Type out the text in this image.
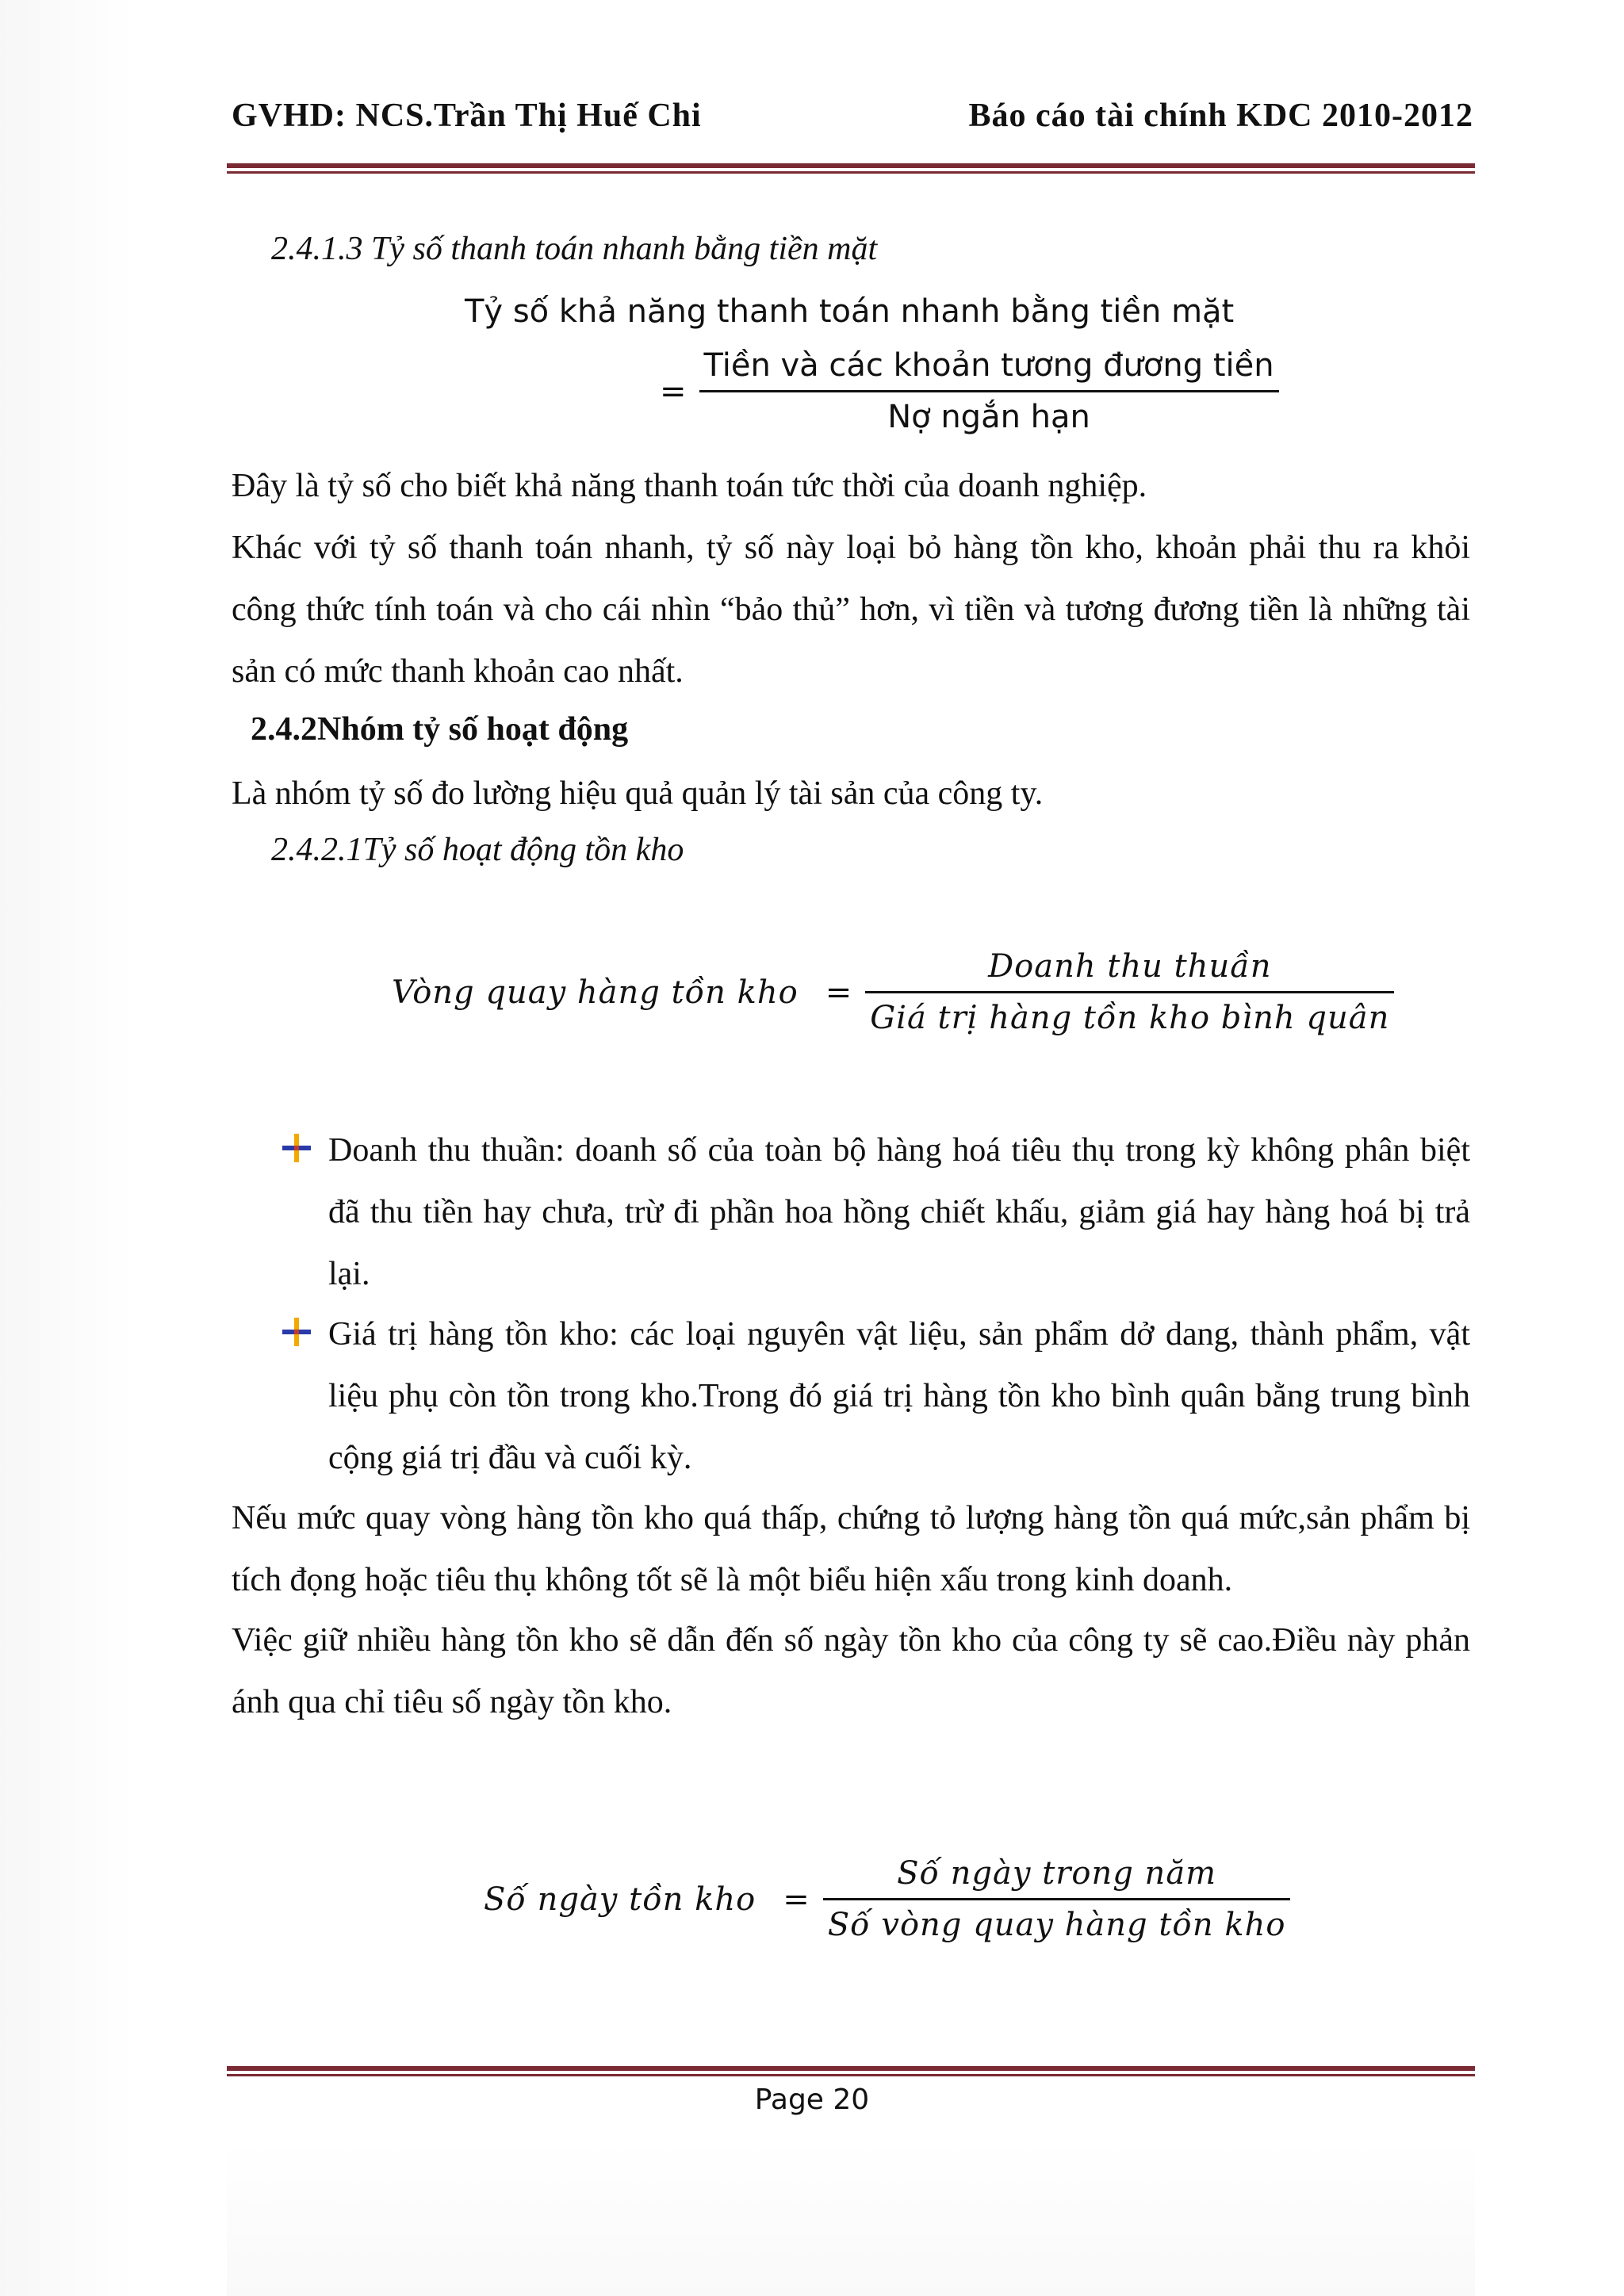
GVHD: NCS.Trần Thị Huế Chi	Báo cáo tài chính KDC 2010-2012
2.4.1.3 Tỷ số thanh toán nhanh bằng tiền mặt
Tỷ số khả năng thanh toán nhanh bằng tiền mặt
= $\frac{\text{Tiền và các khoản tương đương tiền}}{\text{Nợ ngắn hạn}}$

Đây là tỷ số cho biết khả năng thanh toán tức thời của doanh nghiệp.

Khác với tỷ số thanh toán nhanh, tỷ số này loại bỏ hàng tồn kho, khoản phải thu ra khỏi công thức tính toán và cho cái nhìn “bảo thủ” hơn, vì tiền và tương đương tiền là những tài sản có mức thanh khoản cao nhất.

2.4.2Nhóm tỷ số hoạt động

Là nhóm tỷ số đo lường hiệu quả quản lý tài sản của công ty.

2.4.2.1Tỷ số hoạt động tồn kho
Vòng quay hàng tồn kho = $\frac{\text{Doanh thu thuần}}{\text{Giá trị hàng tồn kho bình quân}}$

Doanh thu thuần: doanh số của toàn bộ hàng hoá tiêu thụ trong kỳ không phân biệt đã thu tiền hay chưa, trừ đi phần hoa hồng chiết khấu, giảm giá hay hàng hoá bị trả lại.

Giá trị hàng tồn kho: các loại nguyên vật liệu, sản phẩm dở dang, thành phẩm, vật liệu phụ còn tồn trong kho.Trong đó giá trị hàng tồn kho bình quân bằng trung bình cộng giá trị đầu và cuối kỳ.

Nếu mức quay vòng hàng tồn kho quá thấp, chứng tỏ lượng hàng tồn quá mức,sản phẩm bị tích đọng hoặc tiêu thụ không tốt sẽ là một biểu hiện xấu trong kinh doanh.

Việc giữ nhiều hàng tồn kho sẽ dẫn đến số ngày tồn kho của công ty sẽ cao.Điều này phản ánh qua chỉ tiêu số ngày tồn kho.

Số ngày tồn kho = $\frac{\text{Số ngày trong năm}}{\text{Số vòng quay hàng tồn kho}}$
Page 20
